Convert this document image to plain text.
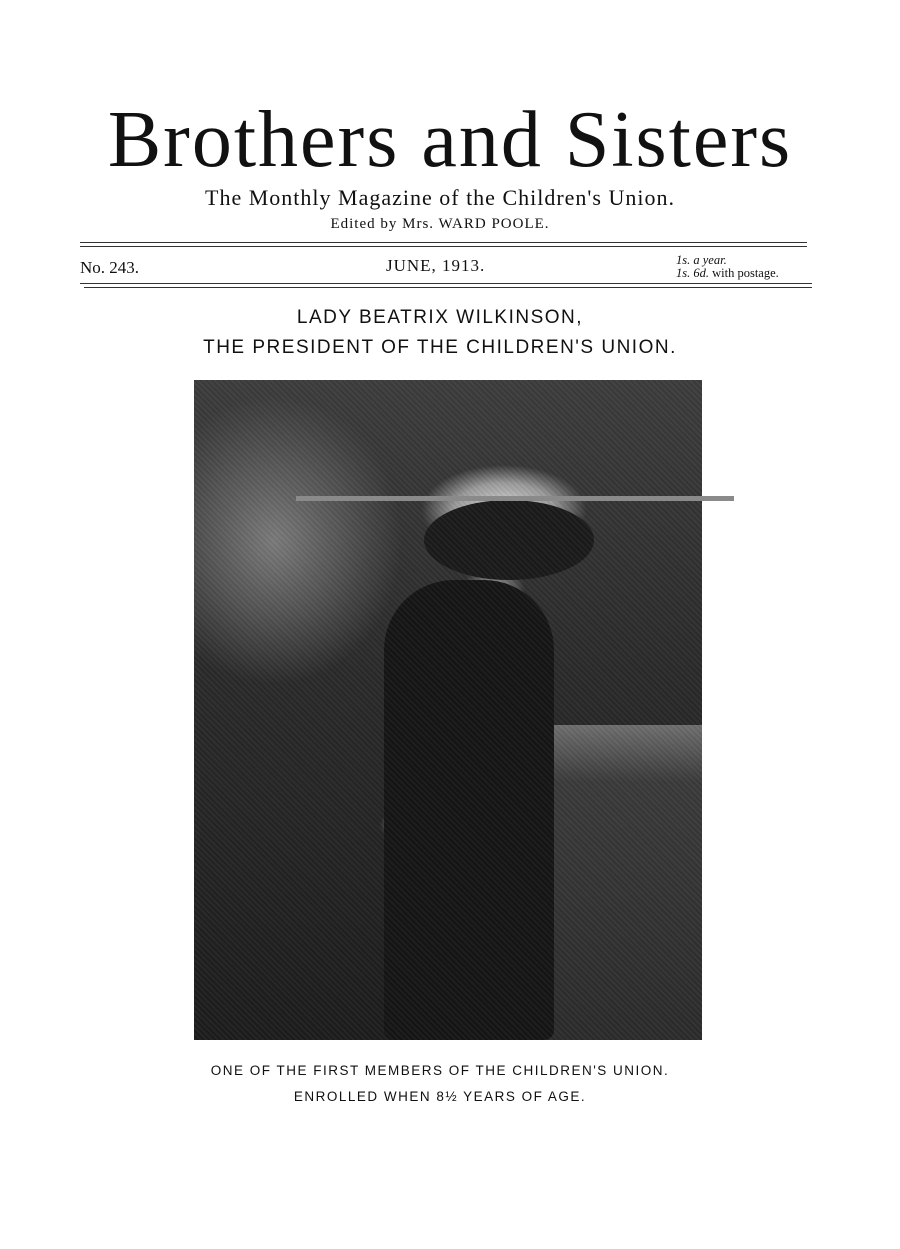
Brothers and Sisters
The Monthly Magazine of the Children's Union.
Edited by Mrs. WARD POOLE.
No. 243.	JUNE, 1913.	1s. a year.
1s. 6d. with postage.
LADY BEATRIX WILKINSON,
THE PRESIDENT OF THE CHILDREN'S UNION.
ONE OF THE FIRST MEMBERS OF THE CHILDREN'S UNION.
ENROLLED WHEN 8½ YEARS OF AGE.
